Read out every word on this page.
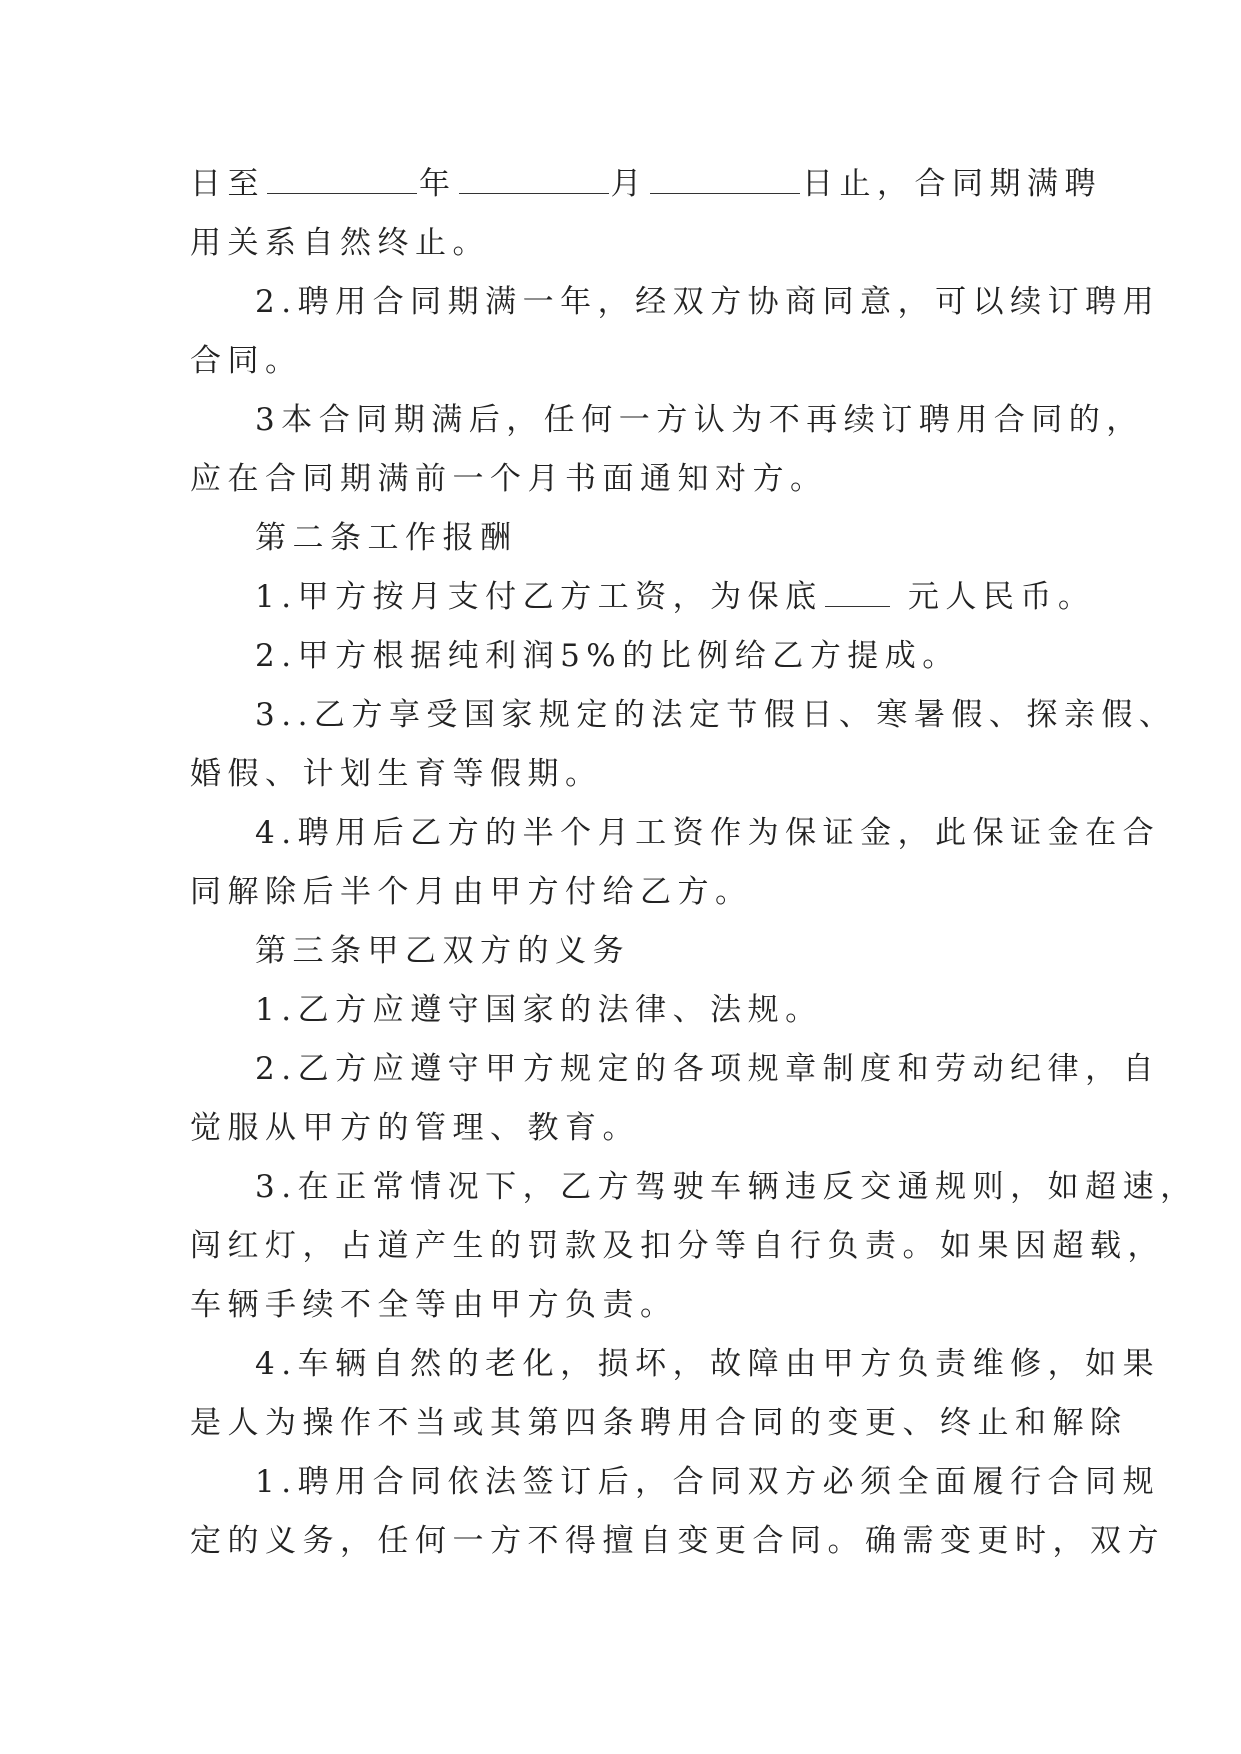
日至	年	月	日止，合同期满聘
用关系自然终止。
2.聘用合同期满一年，经双方协商同意，可以续订聘用
合同。
3本合同期满后，任何一方认为不再续订聘用合同的，
应在合同期满前一个月书面通知对方。
第二条工作报酬
1.甲方按月支付乙方工资，为保底 元人民币。
2.甲方根据纯利润5%的比例给乙方提成。
3..乙方享受国家规定的法定节假日、寒暑假、探亲假、
婚假、计划生育等假期。
4.聘用后乙方的半个月工资作为保证金，此保证金在合
同解除后半个月由甲方付给乙方。
第三条甲乙双方的义务
1.乙方应遵守国家的法律、法规。
2.乙方应遵守甲方规定的各项规章制度和劳动纪律，自
觉服从甲方的管理、教育。
3.在正常情况下，乙方驾驶车辆违反交通规则，如超速，
闯红灯，占道产生的罚款及扣分等自行负责。如果因超载，
车辆手续不全等由甲方负责。
4.车辆自然的老化，损坏，故障由甲方负责维修，如果
是人为操作不当或其第四条聘用合同的变更、终止和解除
1.聘用合同依法签订后，合同双方必须全面履行合同规
定的义务，任何一方不得擅自变更合同。确需变更时，双方
